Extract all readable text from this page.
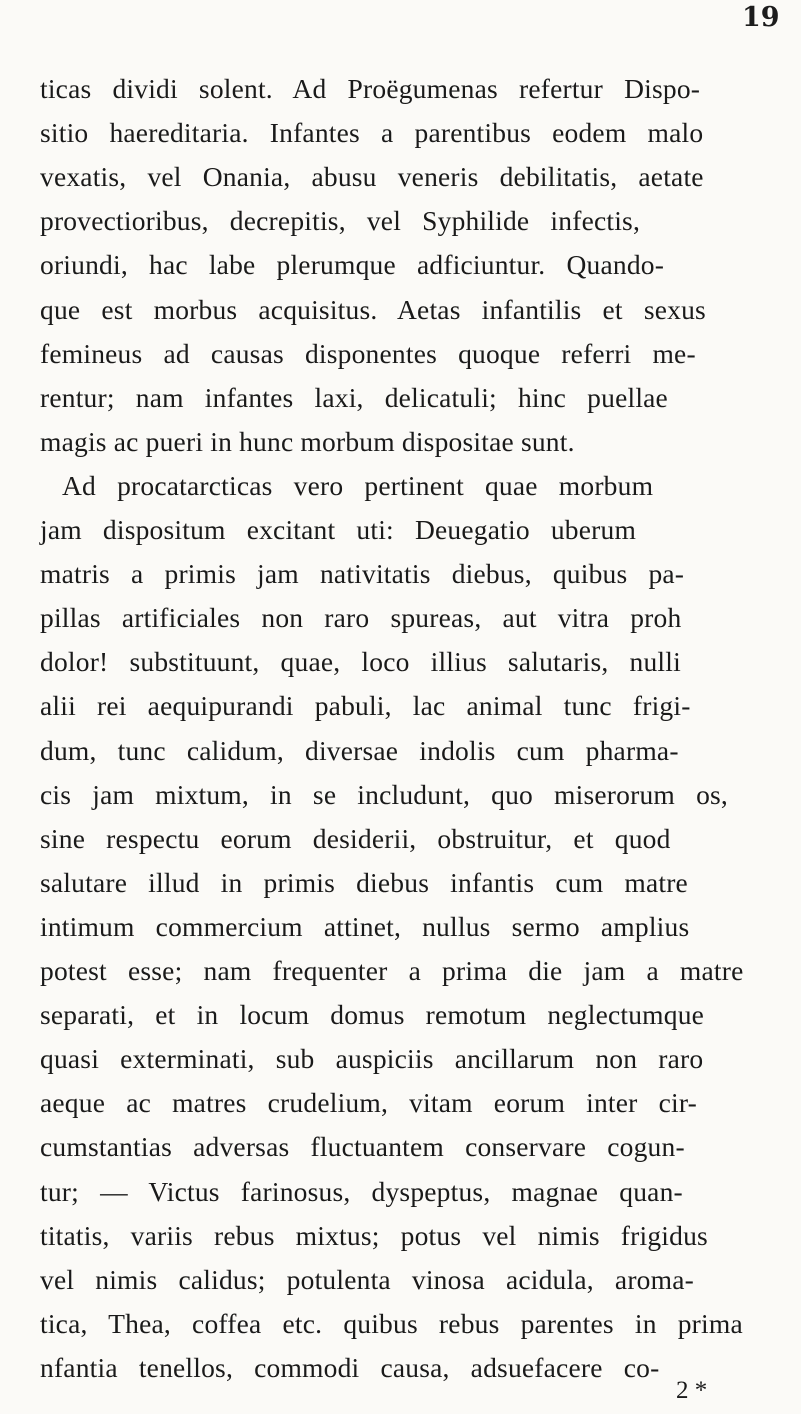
19
ticas dividi solent. Ad Proëgumenas refertur Dispo-
sitio haereditaria. Infantes a parentibus eodem malo
vexatis, vel Onania, abusu veneris debilitatis, aetate
provectioribus, decrepitis, vel Syphilide infectis,
oriundi, hac labe plerumque adficiuntur. Quando-
que est morbus acquisitus. Aetas infantilis et sexus
femineus ad causas disponentes quoque referri me-
rentur; nam infantes laxi, delicatuli; hinc puellae
magis ac pueri in hunc morbum dispositae sunt.
Ad procatarcticas vero pertinent quae morbum
jam dispositum excitant uti: Deuegatio uberum
matris a primis jam nativitatis diebus, quibus pa-
pillas artificiales non raro spureas, aut vitra proh
dolor! substituunt, quae, loco illius salutaris, nulli
alii rei aequipurandi pabuli, lac animal tunc frigi-
dum, tunc calidum, diversae indolis cum pharma-
cis jam mixtum, in se includunt, quo miserorum os,
sine respectu eorum desiderii, obstruitur, et quod
salutare illud in primis diebus infantis cum matre
intimum commercium attinet, nullus sermo amplius
potest esse; nam frequenter a prima die jam a matre
separati, et in locum domus remotum neglectumque
quasi exterminati, sub auspiciis ancillarum non raro
aeque ac matres crudelium, vitam eorum inter cir-
cumstantias adversas fluctuantem conservare cogun-
tur; — Victus farinosus, dyspeptus, magnae quan-
titatis, variis rebus mixtus; potus vel nimis frigidus
vel nimis calidus; potulenta vinosa acidula, aroma-
tica, Thea, coffea etc. quibus rebus parentes in prima
nfantia tenellos, commodi causa, adsuefacere co-
2 *
